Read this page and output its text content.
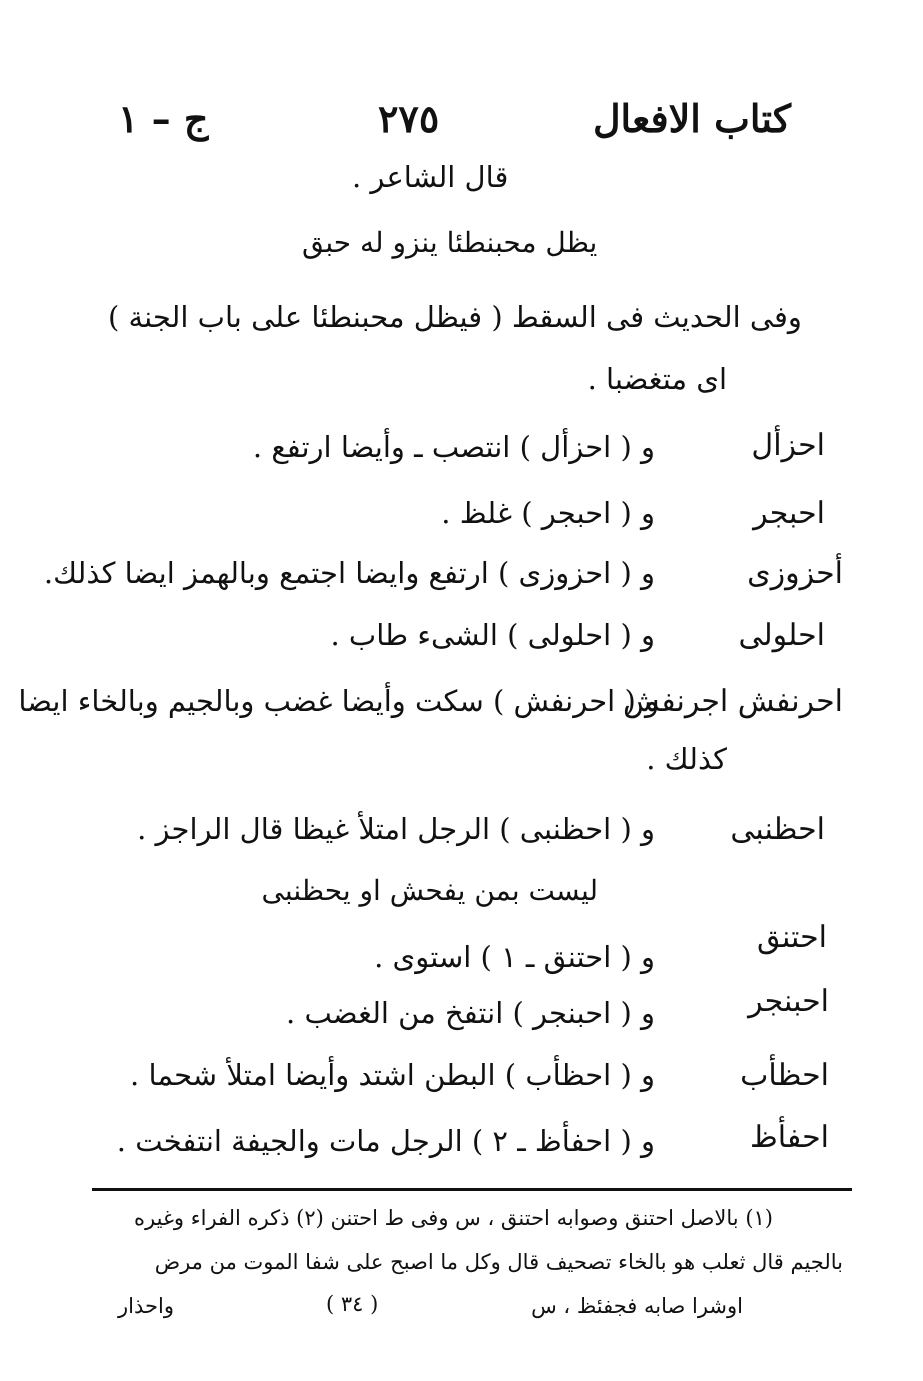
كتاب الافعال
٢٧٥
ج – ١
قال الشاعر .
يظل محبنطئا ينزو له حبق
وفى الحديث فى السقط ( فيظل محبنطئا على باب الجنة )
اى متغضبا .
احزأل
و ( احزأل ) انتصب ـ وأيضا ارتفع .
احبجر
و ( احبجر ) غلظ .
أحزوزى
و ( احزوزى ) ارتفع وايضا اجتمع وبالهمز ايضا كذلك.
احلولى
و ( احلولى ) الشىء طاب .
احرنفش اجرنفش
و ( احرنفش ) سكت وأيضا غضب وبالجيم وبالخاء ايضا
كذلك .
احظنبى
و ( احظنبى ) الرجل امتلأ غيظا قال الراجز .
ليست بمن يفحش او يحظنبى
احتنق
و ( احتنق ـ ١ ) استوى .
احبنجر
و ( احبنجر ) انتفخ من الغضب .
احظأب
و ( احظأب ) البطن اشتد وأيضا امتلأ شحما .
احفأظ
و ( احفأظ ـ ٢ ) الرجل مات والجيفة انتفخت .
(١) بالاصل احتنق وصوابه احتنق ، س وفى ط احتنن (٢) ذكره الفراء وغيره
بالجيم قال ثعلب هو بالخاء تصحيف قال وكل ما اصبح على شفا الموت من مرض
اوشرا صابه فجفئظ ، س
( ٣٤ )
واحذار
